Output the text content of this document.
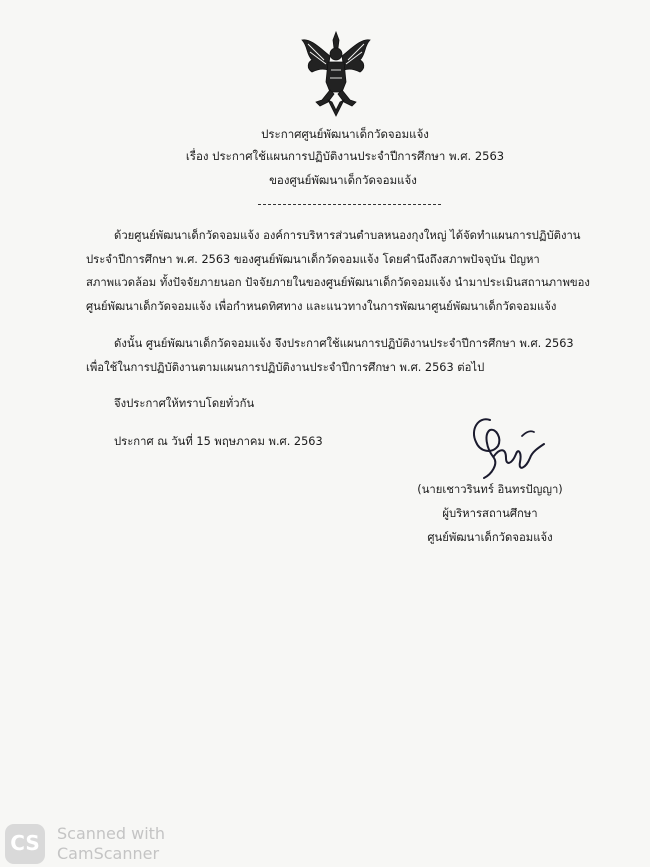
ประกาศศูนย์พัฒนาเด็กวัดจอมแจ้ง
เรื่อง ประกาศใช้แผนการปฏิบัติงานประจำปีการศึกษา พ.ศ. 2563
ของศูนย์พัฒนาเด็กวัดจอมแจ้ง
ด้วยศูนย์พัฒนาเด็กวัดจอมแจ้ง องค์การบริหารส่วนตำบลหนองกุงใหญ่ ได้จัดทำแผนการปฏิบัติงาน
ประจำปีการศึกษา พ.ศ. 2563 ของศูนย์พัฒนาเด็กวัดจอมแจ้ง โดยคำนึงถึงสภาพปัจจุบัน ปัญหา
สภาพแวดล้อม ทั้งปัจจัยภายนอก ปัจจัยภายในของศูนย์พัฒนาเด็กวัดจอมแจ้ง นำมาประเมินสถานภาพของ
ศูนย์พัฒนาเด็กวัดจอมแจ้ง เพื่อกำหนดทิศทาง และแนวทางในการพัฒนาศูนย์พัฒนาเด็กวัดจอมแจ้ง
ดังนั้น ศูนย์พัฒนาเด็กวัดจอมแจ้ง จึงประกาศใช้แผนการปฏิบัติงานประจำปีการศึกษา พ.ศ. 2563
เพื่อใช้ในการปฏิบัติงานตามแผนการปฏิบัติงานประจำปีการศึกษา พ.ศ. 2563 ต่อไป
จึงประกาศให้ทราบโดยทั่วกัน
ประกาศ ณ วันที่ 15 พฤษภาคม พ.ศ. 2563
(นายเชาวรินทร์ อินทรปัญญา)
ผู้บริหารสถานศึกษา
ศูนย์พัฒนาเด็กวัดจอมแจ้ง
CS	Scanned with
CamScanner
